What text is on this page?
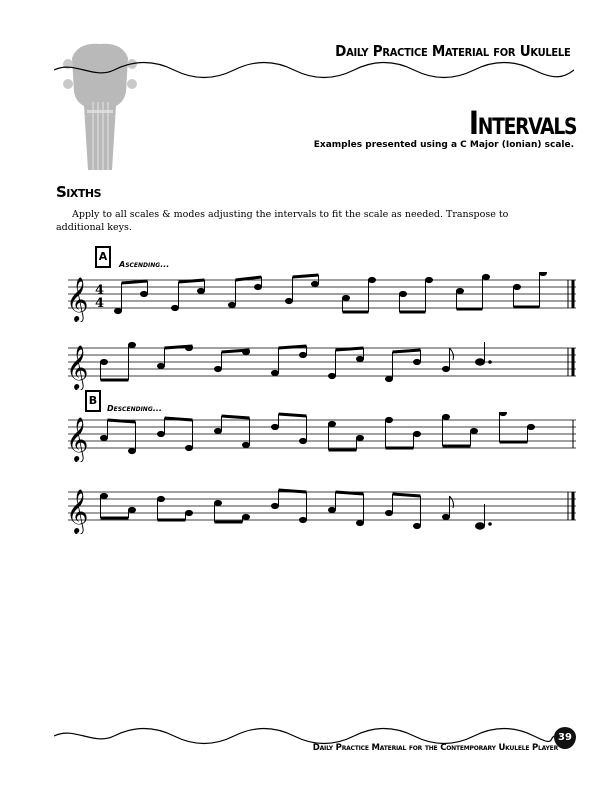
Daily Practice Material for Ukulele
Intervals
Examples presented using a C Major (Ionian) scale.
Sixths
Apply to all scales & modes adjusting the intervals to fit the scale as needed. Transpose to additional keys.
A
Ascending...
B
Descending...
𝄞 4
4
𝄞
𝄞
𝄞
39
Daily Practice Material for the Contemporary Ukulele Player
